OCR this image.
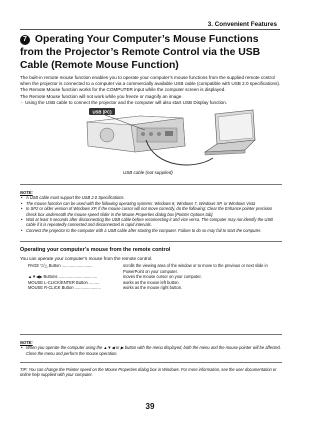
3. Convenient Features
7 Operating Your Computer’s Mouse Functions from the Projector’s Remote Control via the USB Cable (Remote Mouse Function)

The built-in remote mouse function enables you to operate your computer’s mouse functions from the supplied remote control when the projector is connected to a computer via a commercially available USB cable (compatible with USB 2.0 specifications).

The Remote Mouse function works for the COMPUTER input while the computer screen is displayed.

The Remote Mouse function will not work while you freeze or magnify an image.

-  Using the USB cable to connect the projector and the computer will also start USB Display function.

USB (PC)
USB cable (not supplied)
NOTE:
• A USB cable must support the USB 2.0 Specifications.
• The mouse function can be used with the following operating systems: Windows 8, Windows 7, Windows XP, or Windows Vista
• In SP2 or older version of Windows XP, if the mouse cursor will not move correctly, do the following: Clear the Enhance pointer precision check box underneath the mouse speed slider in the Mouse Properties dialog box [Pointer Options tab].
• Wait at least 5 seconds after disconnecting the USB cable before reconnecting it and vice versa. The computer may not identify the USB cable if it is repeatedly connected and disconnected in rapid intervals.
• Connect the projector to the computer with a USB cable after starting the computer. Failure to do so may fail to start the computer.
Operating your computer’s mouse from the remote control
You can operate your computer’s mouse from the remote control.
PAGE ▽/△ Button ...........................	scrolls the viewing area of the window or to move to the previous or next slide in PowerPoint on your computer.
▲▼◀▶ Buttons ..................................	moves the mouse cursor on your computer.
MOUSE L-CLICK/ENTER Button .........	works as the mouse left button.
MOUSE R-CLICK Button .......................	works as the mouse right button.
NOTE:
• When you operate the computer using the ▲▼◀ or ▶ button with the menu displayed, both the menu and the mouse pointer will be affected. Close the menu and perform the mouse operation.
TIP: You can change the Pointer speed on the Mouse Properties dialog box in Windows. For more information, see the user documentation or online help supplied with your computer.
39
